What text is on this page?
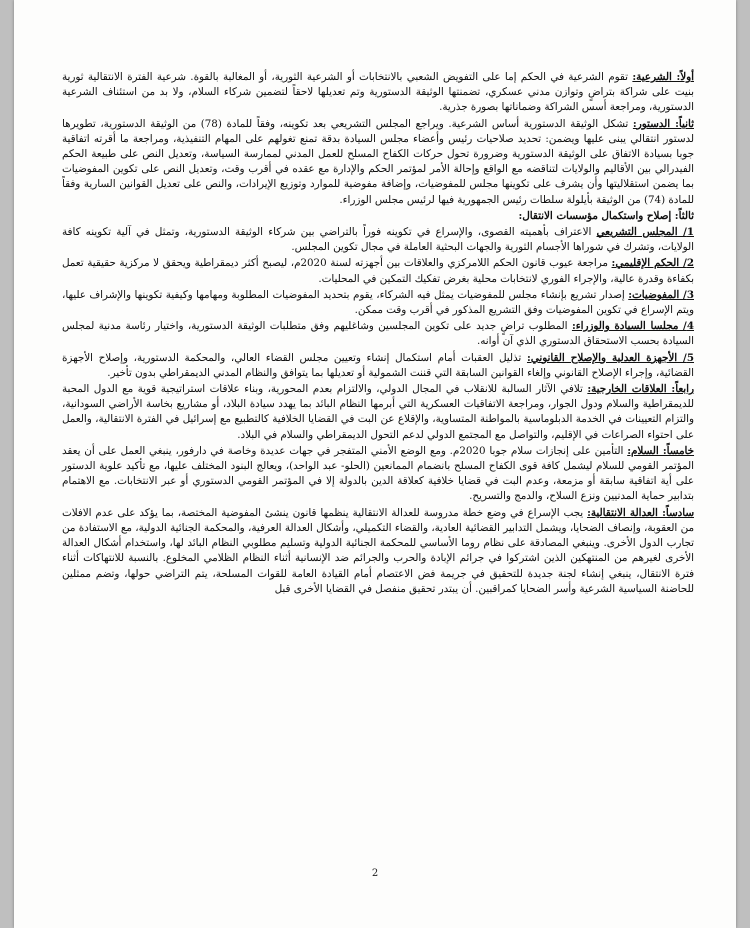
أولاً: الشرعية: تقوم الشرعية في الحكم إما على التفويض الشعبي بالانتخابات أو الشرعية الثورية، أو المغالبة بالقوة. شرعية الفترة الانتقالية ثورية بنيت على شراكة بتراضٍ وتوازن مدني عسكري، تضمنتها الوثيقة الدستورية وتم تعديلها لاحقاً لتضمين شركاء السلام، ولا بد من استئناف الشرعية الدستورية، ومراجعة أسس الشراكة وضماناتها بصورة جذرية.

ثانياً: الدستور: تشكل الوثيقة الدستورية أساس الشرعية. ويراجع المجلس التشريعي بعد تكوينه، وفقاً للمادة (78) من الوثيقة الدستورية، تطويرها لدستور انتقالي يبنى عليها ويضمن: تحديد صلاحيات رئيس وأعضاء مجلس السيادة بدقة تمنع تغولهم على المهام التنفيذية، ومراجعة ما أقرته اتفاقية جوبا بسيادة الاتفاق على الوثيقة الدستورية وضرورة تحول حركات الكفاح المسلح للعمل المدني لممارسة السياسة، وتعديل النص على طبيعة الحكم الفيدرالي بين الأقاليم والولايات لتناقضه مع الواقع وإحالة الأمر لمؤتمر الحكم والإدارة مع عقده في أقرب وقت، وتعديل النص على تكوين المفوضيات بما يضمن استقلاليتها وأن يشرف على تكوينها مجلس للمفوضيات، وإضافة مفوضية للموارد وتوزيع الإيرادات، والنص على تعديل القوانين السارية وفقاً للمادة (74) من الوثيقة بأيلولة سلطات رئيس الجمهورية فيها لرئيس مجلس الوزراء.

ثالثاً: إصلاح واستكمال مؤسسات الانتقال:

1/ المجلس التشريعي الاعتراف بأهميته القصوى، والإسراع في تكوينه فوراً بالتراضي بين شركاء الوثيقة الدستورية، وتمثل في آلية تكوينه كافة الولايات، وتشرك في شوراها الأجسام الثورية والجهات البحثية العاملة في مجال تكوين المجلس.

2/ الحكم الإقليمي: مراجعة عيوب قانون الحكم اللامركزي والعلاقات بين أجهزته لسنة 2020م، ليصبح أكثر ديمقراطية ويحقق لا مركزية حقيقية تعمل بكفاءة وقدرة عالية، والإجراء الفوري لانتخابات محلية بغرض تفكيك التمكين في المحليات.

3/ المفوضيات: إصدار تشريع بإنشاء مجلس للمفوضيات يمثل فيه الشركاء، يقوم بتحديد المفوضيات المطلوبة ومهامها وكيفية تكوينها والإشراف عليها، ويتم الإسراع في تكوين المفوضيات وفق التشريع المذكور في أقرب وقت ممكن.

4/ مجلسا السيادة والوزراء: المطلوب تراضٍ جديد على تكوين المجلسين وشاغليهم وفق متطلبات الوثيقة الدستورية، واختيار رئاسة مدنية لمجلس السيادة بحسب الاستحقاق الدستوري الذي آن أوانه.

5/ الأجهزة العدلية والإصلاح القانوني: تذليل العقبات أمام استكمال إنشاء وتعيين مجلس القضاء العالي، والمحكمة الدستورية، وإصلاح الأجهزة القضائية، وإجراء الإصلاح القانوني وإلغاء القوانين السابقة التي قننت الشمولية أو تعديلها بما يتوافق والنظام المدني الديمقراطي بدون تأخير.

رابعاً: العلاقات الخارجية: تلافي الآثار السالبة للانقلاب في المجال الدولي، والالتزام بعدم المحورية، وبناء علاقات استراتيجية قوية مع الدول المحبة للديمقراطية والسلام ودول الجوار، ومراجعة الاتفاقيات العسكرية التي أبرمها النظام البائد بما يهدد سيادة البلاد، أو مشاريع بخاسة الأراضي السودانية، والتزام التعيينات في الخدمة الدبلوماسية بالمواطنة المتساوية، والإقلاع عن البت في القضايا الخلافية كالتطبيع مع إسرائيل في الفترة الانتقالية، والعمل على احتواء الصراعات في الإقليم، والتواصل مع المجتمع الدولي لدعم التحول الديمقراطي والسلام في البلاد.

خامساً: السلام: التأمين على إنجازات سلام جوبا 2020م. ومع الوضع الأمني المتفجر في جهات عديدة وخاصة في دارفور، ينبغي العمل على أن يعقد المؤتمر القومي للسلام ليشمل كافة قوى الكفاح المسلح بانضمام الممانعين (الحلو- عبد الواحد)، ويعالج البنود المختلف عليها، مع تأكيد علوية الدستور على أية اتفاقية سابقة أو مزمعة، وعدم البت في قضايا خلافية كعلاقة الدين بالدولة إلا في المؤتمر القومي الدستوري أو عبر الانتخابات. مع الاهتمام بتدابير حماية المدنيين ونزع السلاح، والدمج والتسريح.

سادساً: العدالة الانتقالية: يجب الإسراع في وضع خطة مدروسة للعدالة الانتقالية ينظمها قانون ينشئ المفوضية المختصة، بما يؤكد على عدم الافلات من العقوبة، وإنصاف الضحايا، ويشمل التدابير القضائية العادية، والقضاء التكميلي، وأشكال العدالة العرفية، والمحكمة الجنائية الدولية، مع الاستفادة من تجارب الدول الأخرى. وينبغي المصادقة على نظام روما الأساسي للمحكمة الجنائية الدولية وتسليم مطلوبي النظام البائد لها، واستخدام أشكال العدالة الأخرى لغيرهم من المنتهكين الذين اشتركوا في جرائم الإبادة والحرب والجرائم ضد الإنسانية أثناء النظام الظلامي المخلوع. بالنسبة للانتهاكات أثناء فترة الانتقال، ينبغي إنشاء لجنة جديدة للتحقيق في جريمة فض الاعتصام أمام القيادة العامة للقوات المسلحة، يتم التراضي حولها، وتضم ممثلين للحاضنة السياسية الشرعية وأسر الضحايا كمراقبين. أن يبتدر تحقيق منفصل في القضايا الأخرى قبل

2
